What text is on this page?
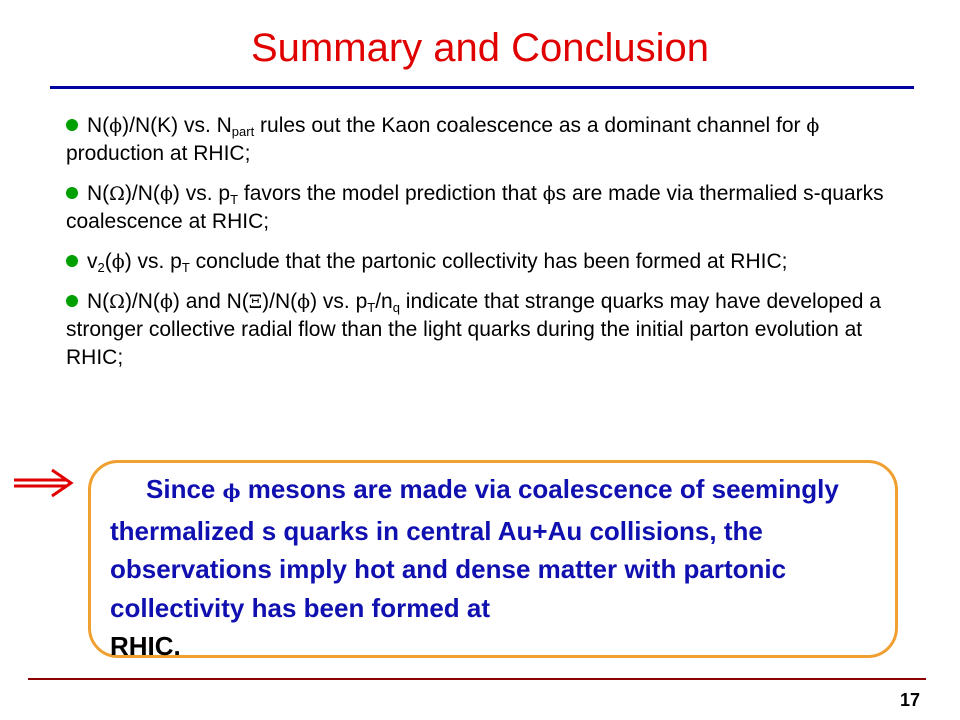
Summary and Conclusion
N(ϕ)/N(K) vs. $N_{part}$ rules out the Kaon coalescence as a dominant channel for ϕ production at RHIC;
N(Ω)/N(ϕ) vs. $p_T$ favors the model prediction that ϕs are made via thermalied s-quarks coalescence at RHIC;
$v_2(\phi)$ vs. $p_T$ conclude that the partonic collectivity has been formed at RHIC;
N(Ω)/N(ϕ) and N(Ξ)/N(ϕ) vs. $p_T/n_q$ indicate that strange quarks may have developed a stronger collective radial flow than the light quarks during the initial parton evolution at RHIC;
Since ϕ mesons are made via coalescence of seemingly thermalized s quarks in central Au+Au collisions, the observations imply hot and dense matter with partonic collectivity has been formed at
RHIC.
17
